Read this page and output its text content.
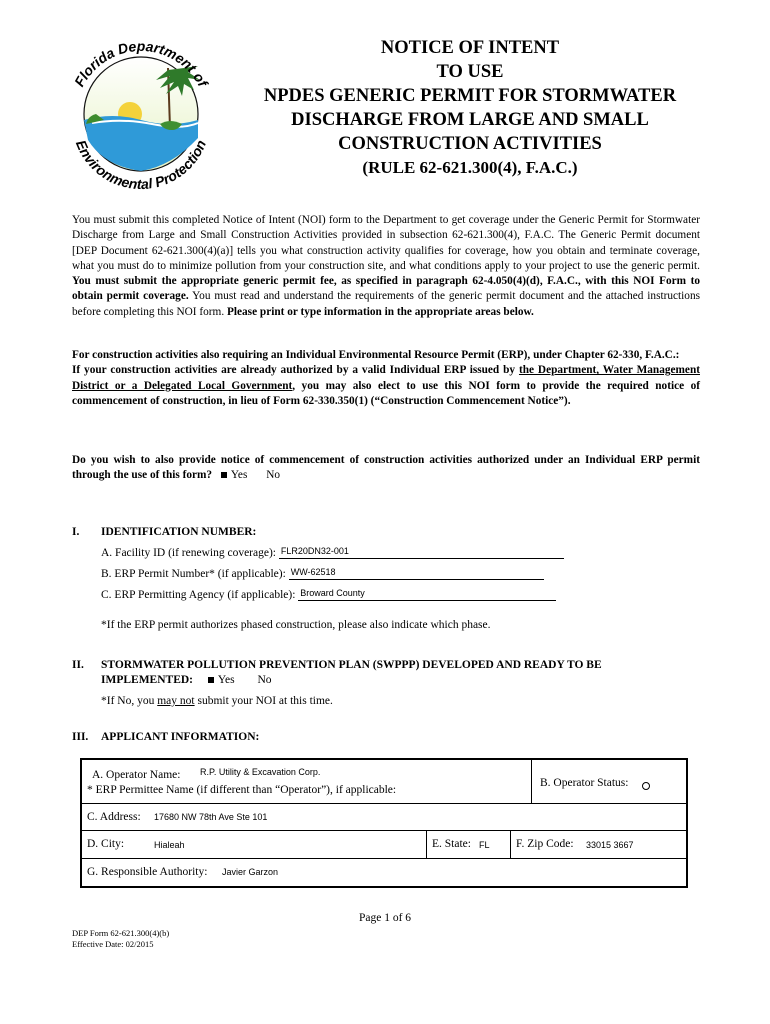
Florida Department of
Environmental Protection
NOTICE OF INTENT
TO USE
NPDES GENERIC PERMIT FOR STORMWATER
DISCHARGE FROM LARGE AND SMALL
CONSTRUCTION ACTIVITIES
(RULE 62-621.300(4), F.A.C.)
You must submit this completed Notice of Intent (NOI) form to the Department to get coverage under the Generic Permit for Stormwater Discharge from Large and Small Construction Activities provided in subsection 62-621.300(4), F.A.C. The Generic Permit document [DEP Document 62-621.300(4)(a)] tells you what construction activity qualifies for coverage, how you obtain and terminate coverage, what you must do to minimize pollution from your construction site, and what conditions apply to your project to use the generic permit. You must submit the appropriate generic permit fee, as specified in paragraph 62-4.050(4)(d), F.A.C., with this NOI Form to obtain permit coverage. You must read and understand the requirements of the generic permit document and the attached instructions before completing this NOI form. Please print or type information in the appropriate areas below.
For construction activities also requiring an Individual Environmental Resource Permit (ERP), under Chapter 62-330, F.A.C.:
If your construction activities are already authorized by a valid Individual ERP issued by the Department, Water Management District or a Delegated Local Government, you may also elect to use this NOI form to provide the required notice of commencement of construction, in lieu of Form 62-330.350(1) (“Construction Commencement Notice”).
Do you wish to also provide notice of commencement of construction activities authorized under an Individual ERP permit through the use of this form? Yes No
I. IDENTIFICATION NUMBER:
A. Facility ID (if renewing coverage): FLR20DN32-001
B. ERP Permit Number* (if applicable): WW-62518
C. ERP Permitting Agency (if applicable): Broward County
*If the ERP permit authorizes phased construction, please also indicate which phase.
II. STORMWATER POLLUTION PREVENTION PLAN (SWPPP) DEVELOPED AND READY TO BE
IMPLEMENTED: Yes No
*If No, you may not submit your NOI at this time.
III. APPLICANT INFORMATION:
A. Operator Name: R.P. Utility & Excavation Corp.
* ERP Permittee Name (if different than “Operator”), if applicable:
B. Operator Status:
C. Address: 17680 NW 78th Ave Ste 101
D. City:	Hialeah	E. State: FL F. Zip Code: 33015 3667
G. Responsible Authority: Javier Garzon
Page 1 of 6
DEP Form 62-621.300(4)(b)
Effective Date: 02/2015
